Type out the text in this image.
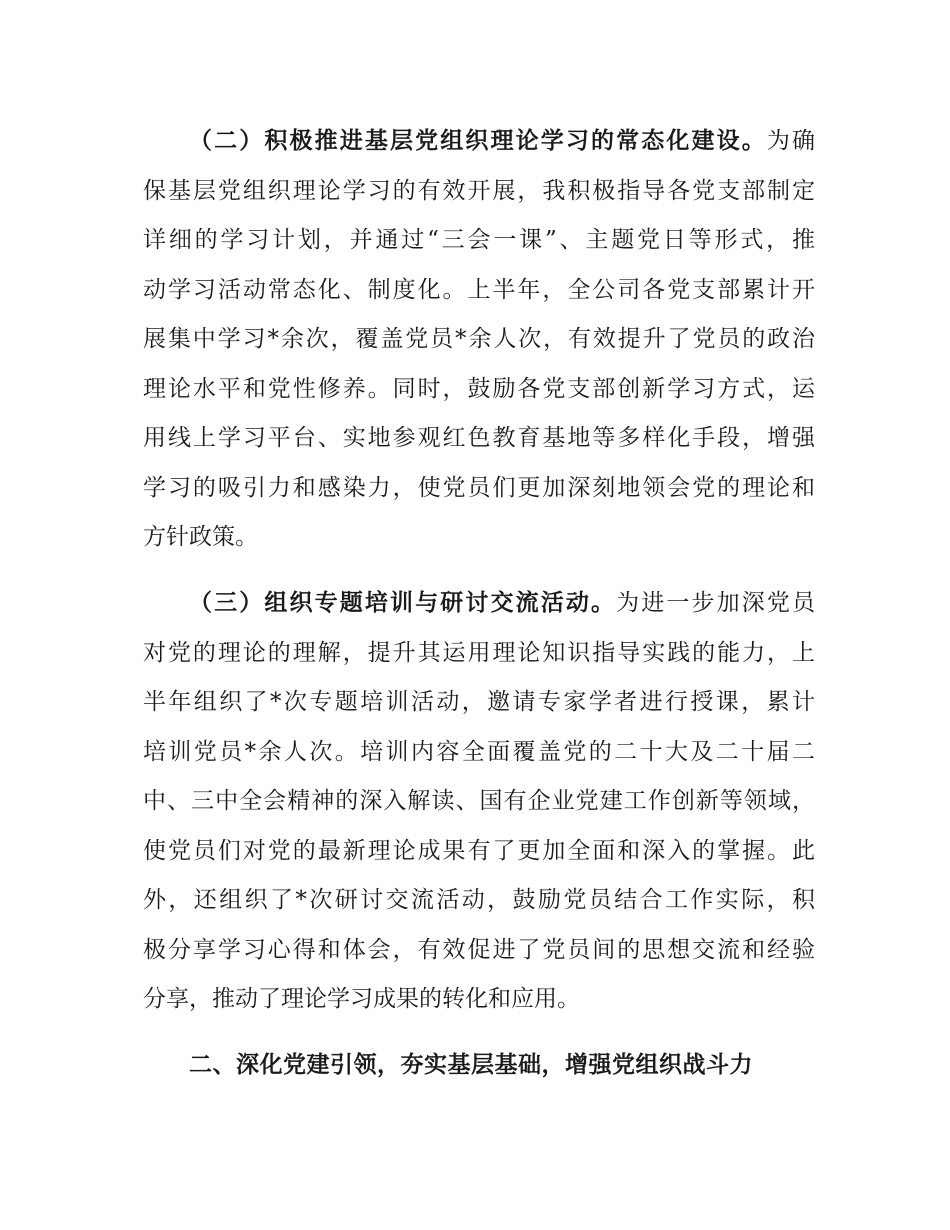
（二）积极推进基层党组织理论学习的常态化建设。为确
保基层党组织理论学习的有效开展，我积极指导各党支部制定
详细的学习计划，并通过“三会一课”、主题党日等形式，推
动学习活动常态化、制度化。上半年，全公司各党支部累计开
展集中学习*余次，覆盖党员*余人次，有效提升了党员的政治
理论水平和党性修养。同时，鼓励各党支部创新学习方式，运
用线上学习平台、实地参观红色教育基地等多样化手段，增强
学习的吸引力和感染力，使党员们更加深刻地领会党的理论和
方针政策。
（三）组织专题培训与研讨交流活动。为进一步加深党员
对党的理论的理解，提升其运用理论知识指导实践的能力，上
半年组织了*次专题培训活动，邀请专家学者进行授课，累计
培训党员*余人次。培训内容全面覆盖党的二十大及二十届二
中、三中全会精神的深入解读、国有企业党建工作创新等领域，
使党员们对党的最新理论成果有了更加全面和深入的掌握。此
外，还组织了*次研讨交流活动，鼓励党员结合工作实际，积
极分享学习心得和体会，有效促进了党员间的思想交流和经验
分享，推动了理论学习成果的转化和应用。
二、深化党建引领，夯实基层基础，增强党组织战斗力
